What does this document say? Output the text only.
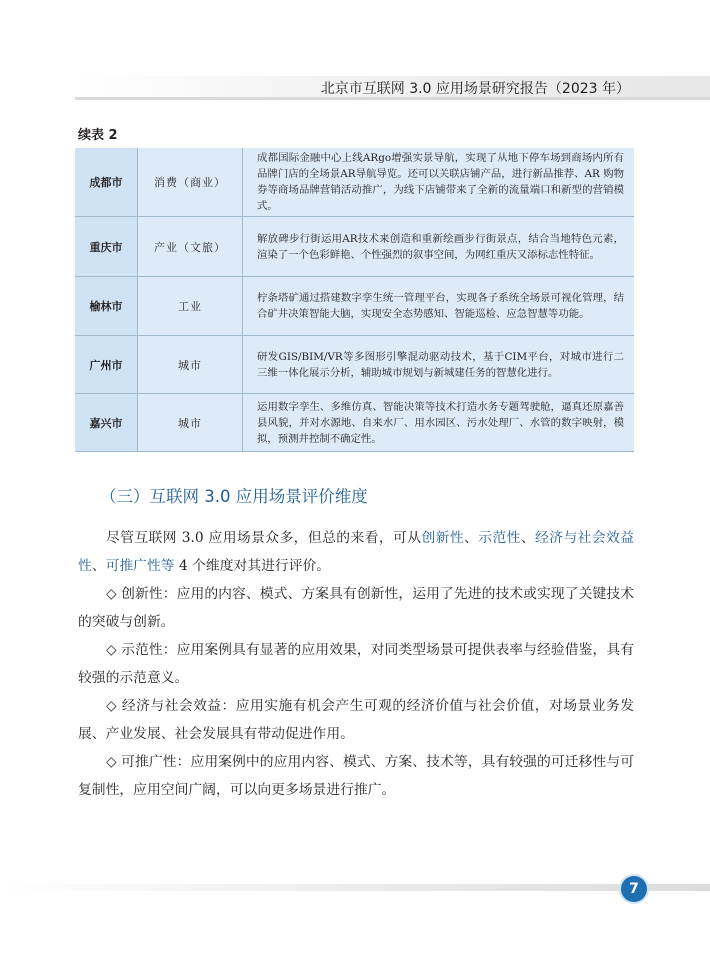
北京市互联网 3.0 应用场景研究报告（2023 年）
续表 2
成都市	消费（商业）	成都国际金融中心上线ARgo增强实景导航，实现了从地下停车场到商场内所有品牌门店的全场景AR导航导览。还可以关联店铺产品，进行新品推荐、AR 购物券等商场品牌营销活动推广，为线下店铺带来了全新的流量端口和新型的营销模式。
重庆市	产业（文旅）	解放碑步行街运用AR技术来创造和重新绘画步行街景点，结合当地特色元素，渲染了一个色彩鲜艳、个性强烈的叙事空间，为网红重庆又添标志性特征。
榆林市	工业	柠条塔矿通过搭建数字孪生统一管理平台，实现各子系统全场景可视化管理，结合矿井决策智能大脑，实现安全态势感知、智能巡检、应急智慧等功能。
广州市	城市	研发GIS/BIM/VR等多图形引擎混动驱动技术，基于CIM平台，对城市进行二三维一体化展示分析，辅助城市规划与新城建任务的智慧化进行。
嘉兴市	城市	运用数字孪生、多维仿真、智能决策等技术打造水务专题驾驶舱，逼真还原嘉善县风貌，并对水源地、自来水厂、用水园区、污水处理厂、水管的数字映射，模拟，预测并控制不确定性。
（三）互联网 3.0 应用场景评价维度

尽管互联网 3.0 应用场景众多，但总的来看，可从创新性、示范性、经济与社会效益性、可推广性等 4 个维度对其进行评价。

◇ 创新性：应用的内容、模式、方案具有创新性，运用了先进的技术或实现了关键技术的突破与创新。

◇ 示范性：应用案例具有显著的应用效果，对同类型场景可提供表率与经验借鉴，具有较强的示范意义。

◇ 经济与社会效益：应用实施有机会产生可观的经济价值与社会价值，对场景业务发展、产业发展、社会发展具有带动促进作用。

◇ 可推广性：应用案例中的应用内容、模式、方案、技术等，具有较强的可迁移性与可复制性，应用空间广阔，可以向更多场景进行推广。

7
